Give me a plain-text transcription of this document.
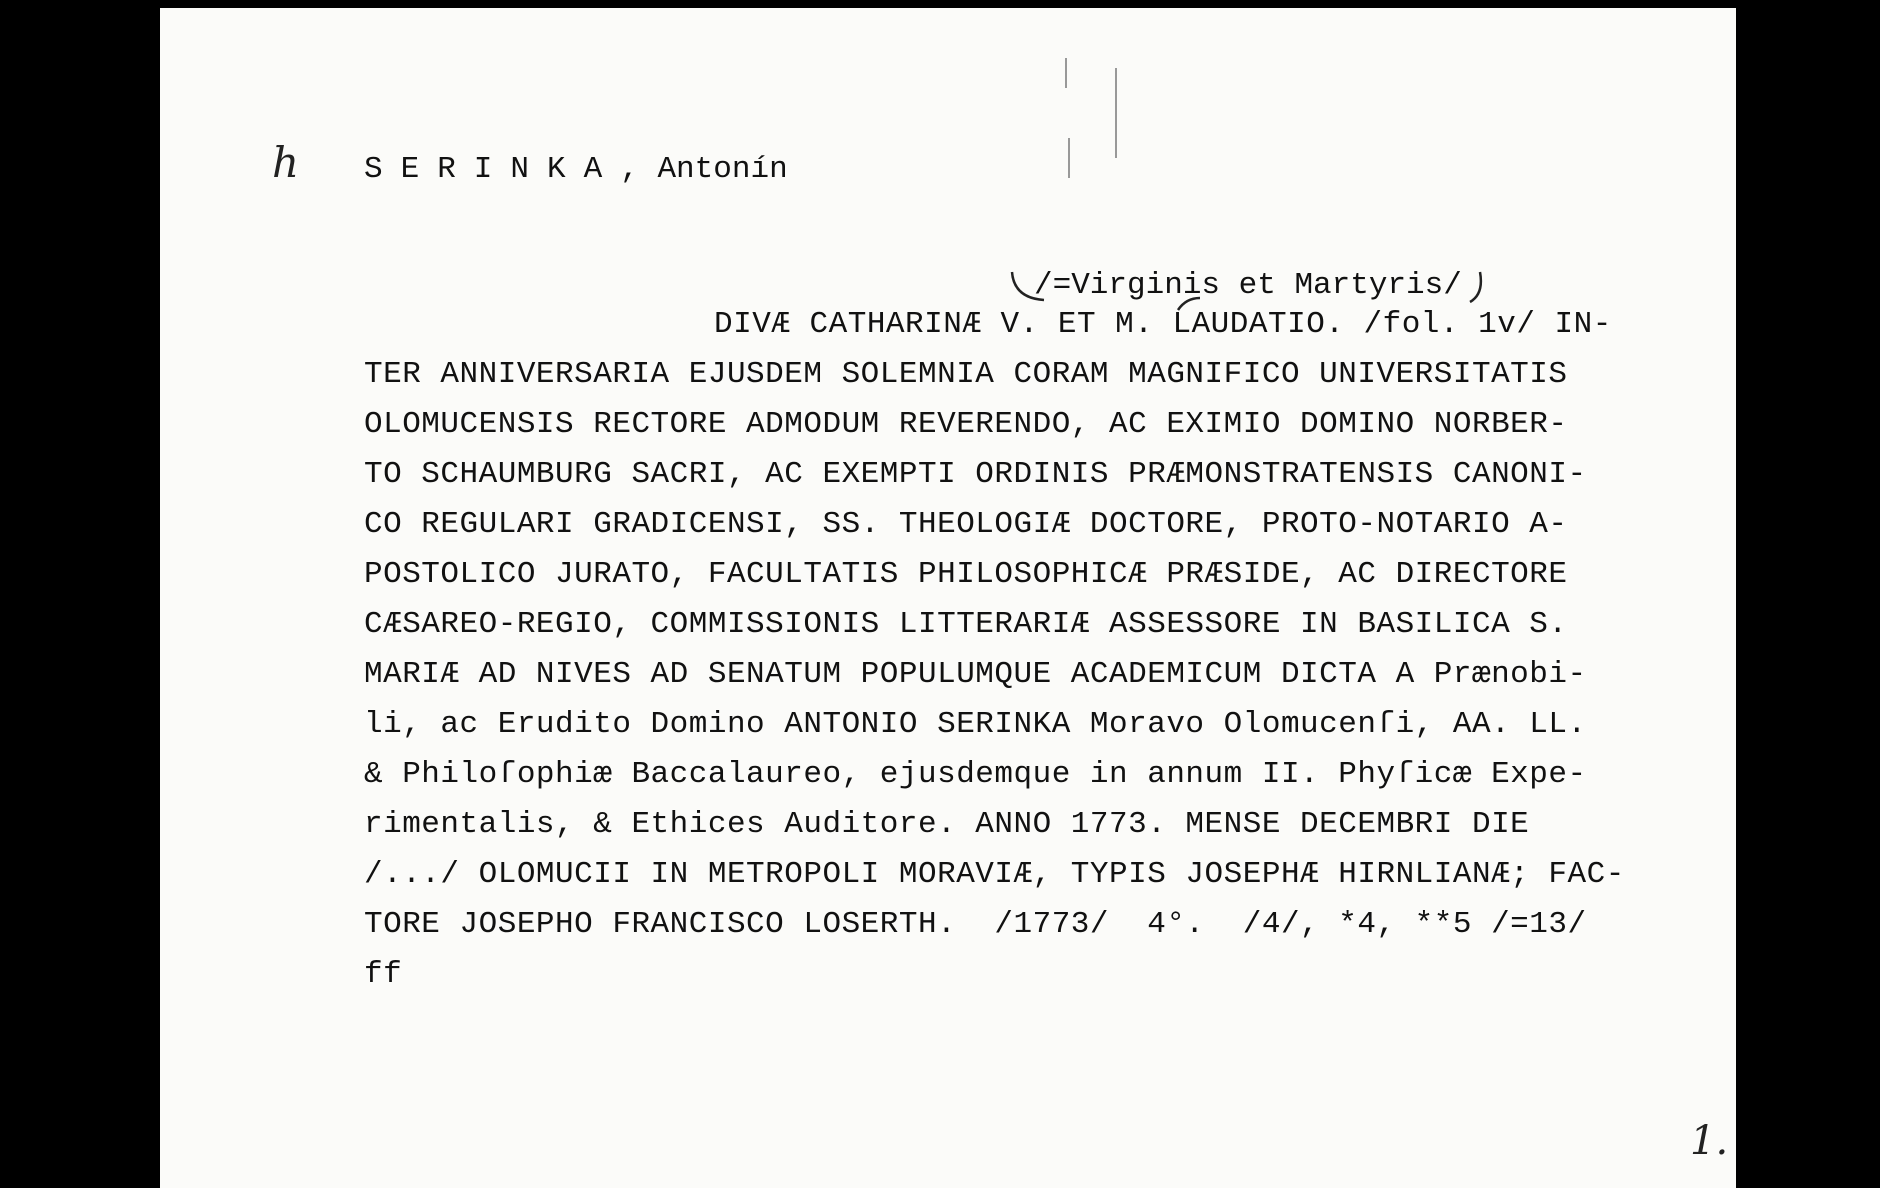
h SERINKA, Antonín
/=Virginis et Martyris/
DIVÆ CATHARINÆ V. ET M. LAUDATIO. /fol. 1v/ IN-
TER ANNIVERSARIA EJUSDEM SOLEMNIA CORAM MAGNIFICO UNIVERSITATIS
OLOMUCENSIS RECTORE ADMODUM REVERENDO, AC EXIMIO DOMINO NORBER-
TO SCHAUMBURG SACRI, AC EXEMPTI ORDINIS PRÆMONSTRATENSIS CANONI-
CO REGULARI GRADICENSI, SS. THEOLOGIÆ DOCTORE, PROTO-NOTARIO A-
POSTOLICO JURATO, FACULTATIS PHILOSOPHICÆ PRÆSIDE, AC DIRECTORE
CÆSAREO-REGIO, COMMISSIONIS LITTERARIÆ ASSESSORE IN BASILICA S.
MARIÆ AD NIVES AD SENATUM POPULUMQUE ACADEMICUM DICTA A Prænobi-
li, ac Erudito Domino ANTONIO SERINKA Moravo Olomucenſi, AA. LL.
& Philoſophiæ Baccalaureo, ejusdemque in annum II. Phyſicæ Expe-
rimentalis, & Ethices Auditore. ANNO 1773. MENSE DECEMBRI DIE
/.../ OLOMUCII IN METROPOLI MORAVIÆ, TYPIS JOSEPHÆ HIRNLIANÆ; FAC-
TORE JOSEPHO FRANCISCO LOSERTH.  /1773/  4°.  /4/, *4, **5 /=13/
ff
1.
